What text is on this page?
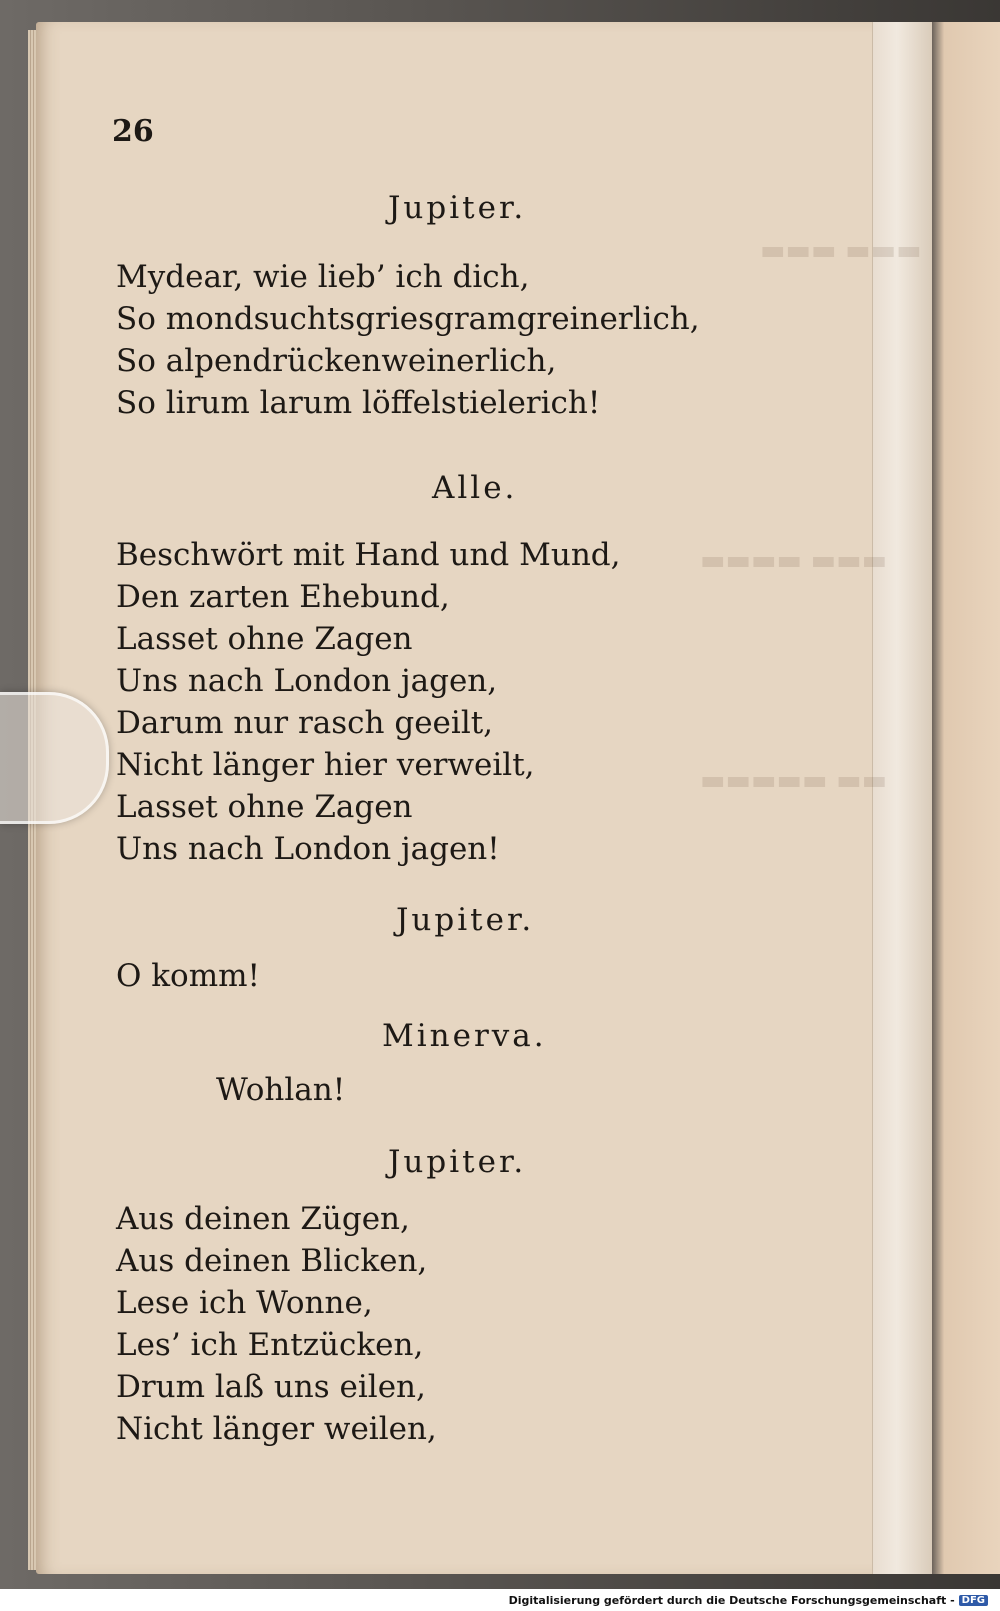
▬▬▬ ▬▬▬
▬▬▬▬ ▬▬▬
▬▬▬▬▬ ▬▬
26
Jupiter.
Mydear, wie lieb’ ich dich,
So mondsuchtsgriesgramgreinerlich,
So alpendrückenweinerlich,
So lirum larum löffelstielerich!
Alle.
Beschwört mit Hand und Mund,
Den zarten Ehebund,
Lasset ohne Zagen
Uns nach London jagen,
Darum nur rasch geeilt,
Nicht länger hier verweilt,
Lasset ohne Zagen
Uns nach London jagen!
Jupiter.
O komm!
Minerva.
Wohlan!
Jupiter.
Aus deinen Zügen,
Aus deinen Blicken,
Lese ich Wonne,
Les’ ich Entzücken,
Drum laß uns eilen,
Nicht länger weilen,
Digitalisierung gefördert durch die Deutsche Forschungsgemeinschaft - DFG
